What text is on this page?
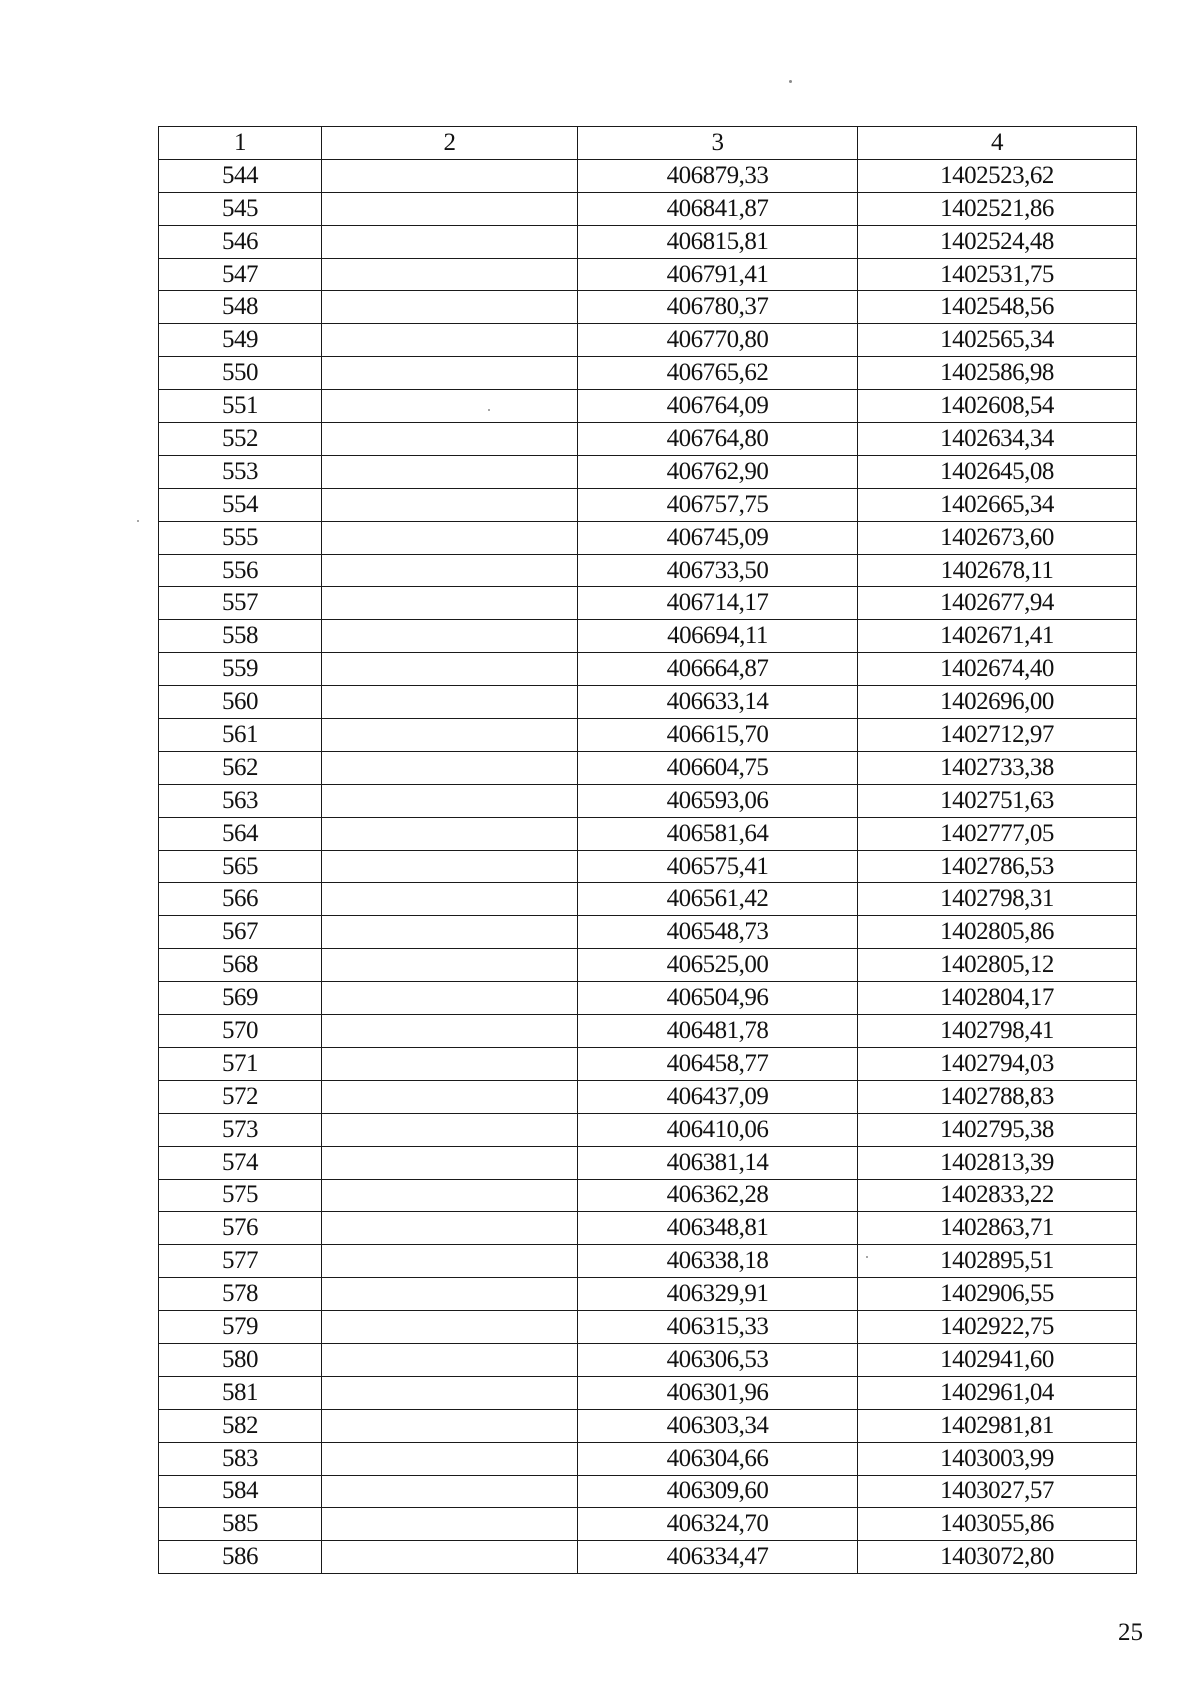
1	2	3	4
544		406879,33	1402523,62
545		406841,87	1402521,86
546		406815,81	1402524,48
547		406791,41	1402531,75
548		406780,37	1402548,56
549		406770,80	1402565,34
550		406765,62	1402586,98
551		406764,09	1402608,54
552		406764,80	1402634,34
553		406762,90	1402645,08
554		406757,75	1402665,34
555		406745,09	1402673,60
556		406733,50	1402678,11
557		406714,17	1402677,94
558		406694,11	1402671,41
559		406664,87	1402674,40
560		406633,14	1402696,00
561		406615,70	1402712,97
562		406604,75	1402733,38
563		406593,06	1402751,63
564		406581,64	1402777,05
565		406575,41	1402786,53
566		406561,42	1402798,31
567		406548,73	1402805,86
568		406525,00	1402805,12
569		406504,96	1402804,17
570		406481,78	1402798,41
571		406458,77	1402794,03
572		406437,09	1402788,83
573		406410,06	1402795,38
574		406381,14	1402813,39
575		406362,28	1402833,22
576		406348,81	1402863,71
577		406338,18	1402895,51
578		406329,91	1402906,55
579		406315,33	1402922,75
580		406306,53	1402941,60
581		406301,96	1402961,04
582		406303,34	1402981,81
583		406304,66	1403003,99
584		406309,60	1403027,57
585		406324,70	1403055,86
586		406334,47	1403072,80
25
